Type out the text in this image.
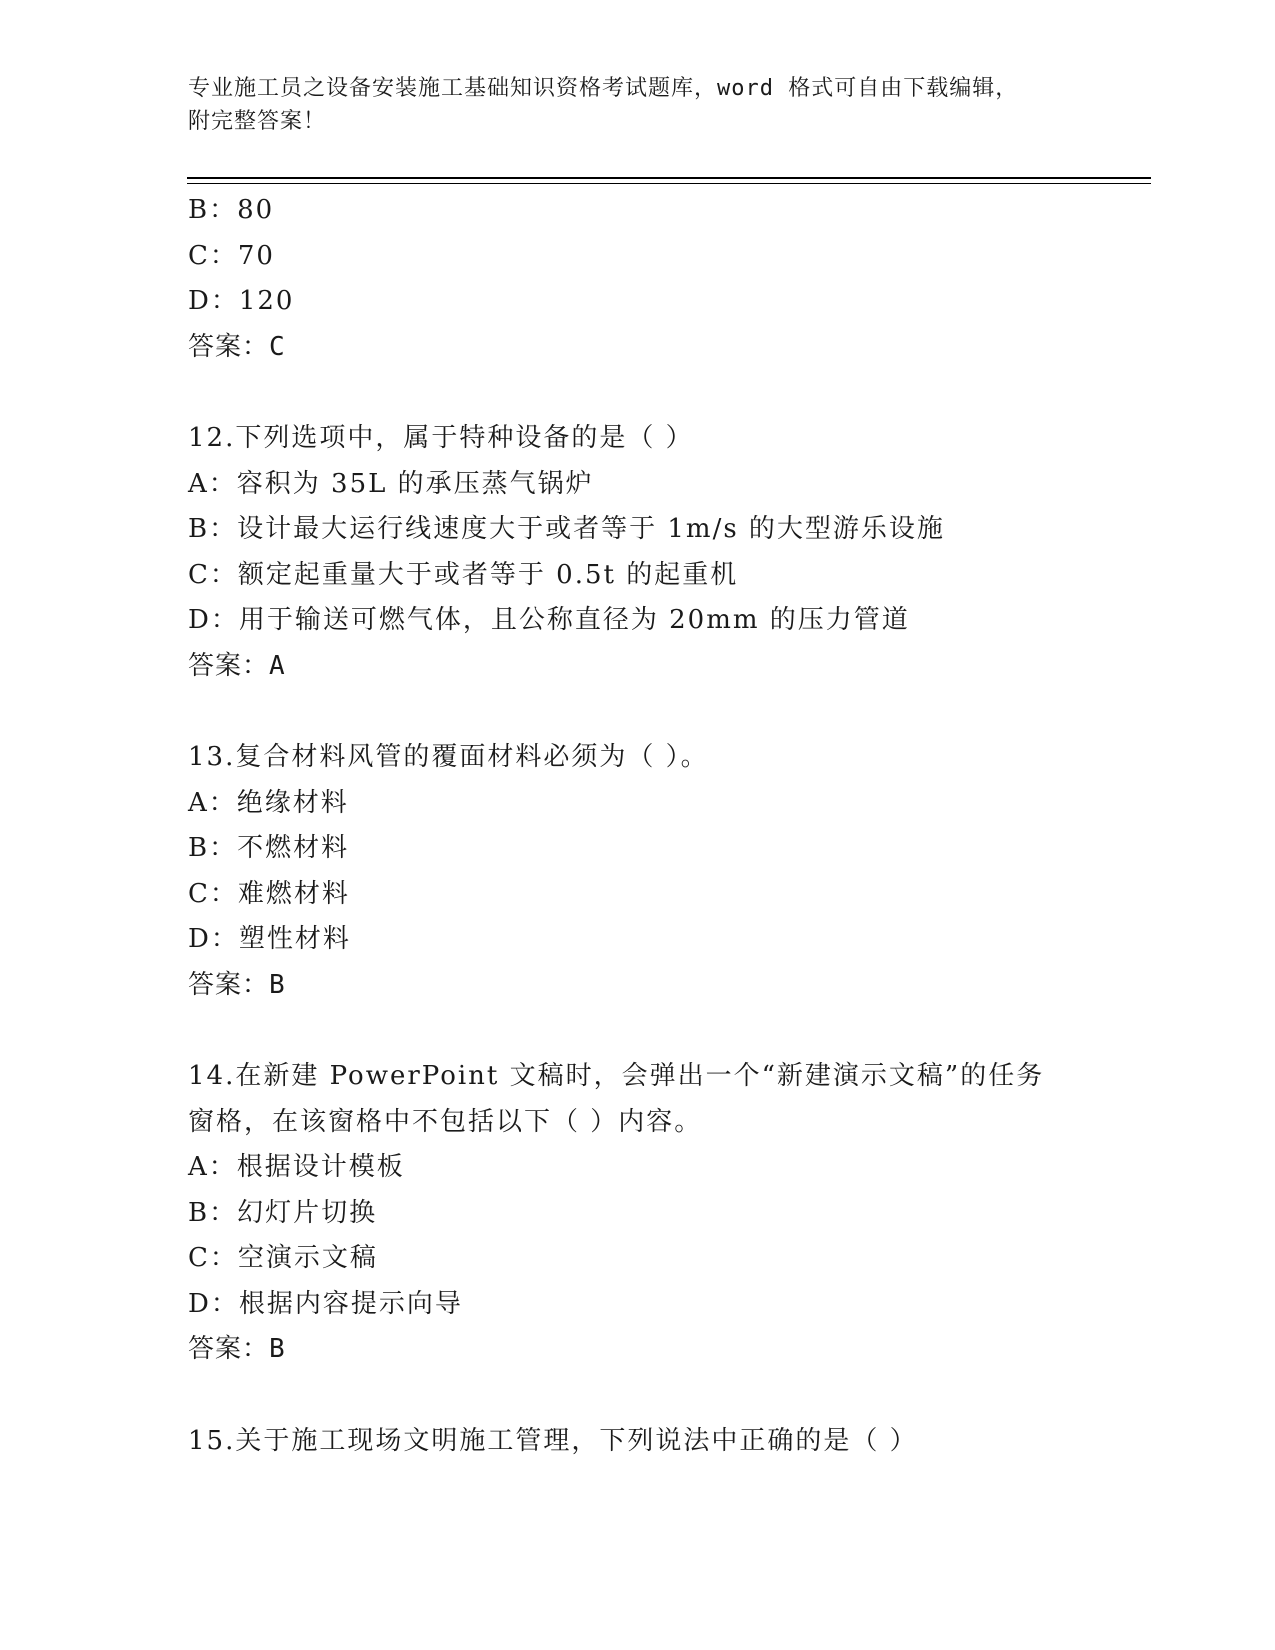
专业施工员之设备安装施工基础知识资格考试题库，word 格式可自由下载编辑，
附完整答案！
B：80
C：70
D：120
答案：C
12.下列选项中，属于特种设备的是（ ）
A：容积为 35L 的承压蒸气锅炉
B：设计最大运行线速度大于或者等于 1m/s 的大型游乐设施
C：额定起重量大于或者等于 0.5t 的起重机
D：用于输送可燃气体，且公称直径为 20mm 的压力管道
答案：A
13.复合材料风管的覆面材料必须为（ ）。
A：绝缘材料
B：不燃材料
C：难燃材料
D：塑性材料
答案：B
14.在新建 PowerPoint 文稿时，会弹出一个“新建演示文稿”的任务
窗格，在该窗格中不包括以下（ ）内容。
A：根据设计模板
B：幻灯片切换
C：空演示文稿
D：根据内容提示向导
答案：B
15.关于施工现场文明施工管理，下列说法中正确的是（ ）
